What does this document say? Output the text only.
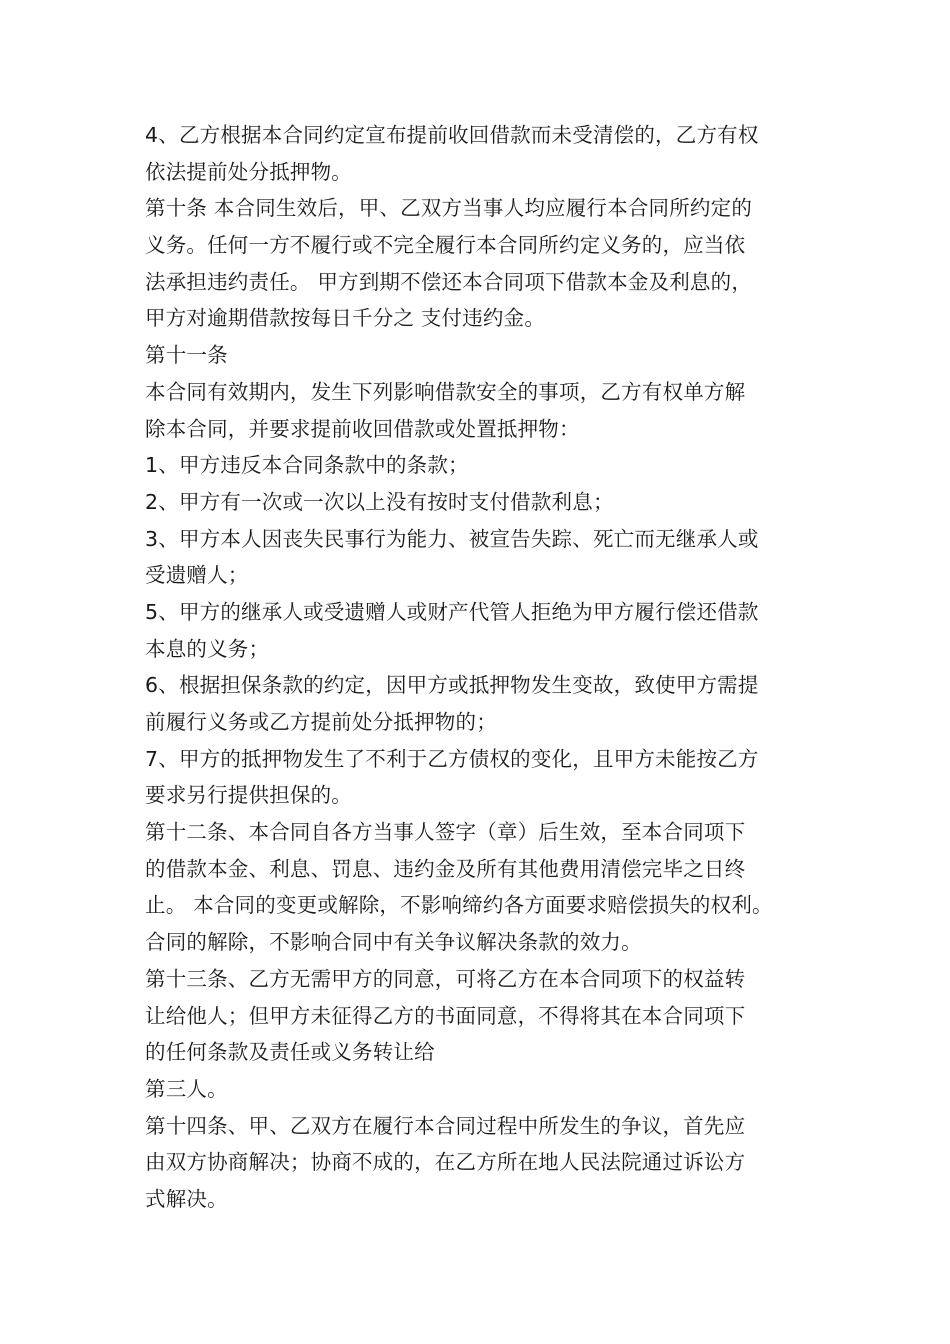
4、乙方根据本合同约定宣布提前收回借款而未受清偿的，乙方有权
依法提前处分抵押物。
第十条 本合同生效后，甲、乙双方当事人均应履行本合同所约定的
义务。任何一方不履行或不完全履行本合同所约定义务的，应当依
法承担违约责任。 甲方到期不偿还本合同项下借款本金及利息的，
甲方对逾期借款按每日千分之 支付违约金。
第十一条
本合同有效期内，发生下列影响借款安全的事项，乙方有权单方解
除本合同，并要求提前收回借款或处置抵押物：
1、甲方违反本合同条款中的条款；
2、甲方有一次或一次以上没有按时支付借款利息；
3、甲方本人因丧失民事行为能力、被宣告失踪、死亡而无继承人或
受遗赠人；
5、甲方的继承人或受遗赠人或财产代管人拒绝为甲方履行偿还借款
本息的义务；
6、根据担保条款的约定，因甲方或抵押物发生变故，致使甲方需提
前履行义务或乙方提前处分抵押物的；
7、甲方的抵押物发生了不利于乙方债权的变化，且甲方未能按乙方
要求另行提供担保的。
第十二条、本合同自各方当事人签字（章）后生效，至本合同项下
的借款本金、利息、罚息、违约金及所有其他费用清偿完毕之日终
止。 本合同的变更或解除，不影响缔约各方面要求赔偿损失的权利。
合同的解除，不影响合同中有关争议解决条款的效力。
第十三条、乙方无需甲方的同意，可将乙方在本合同项下的权益转
让给他人；但甲方未征得乙方的书面同意，不得将其在本合同项下
的任何条款及责任或义务转让给
第三人。
第十四条、甲、乙双方在履行本合同过程中所发生的争议，首先应
由双方协商解决；协商不成的，在乙方所在地人民法院通过诉讼方
式解决。
